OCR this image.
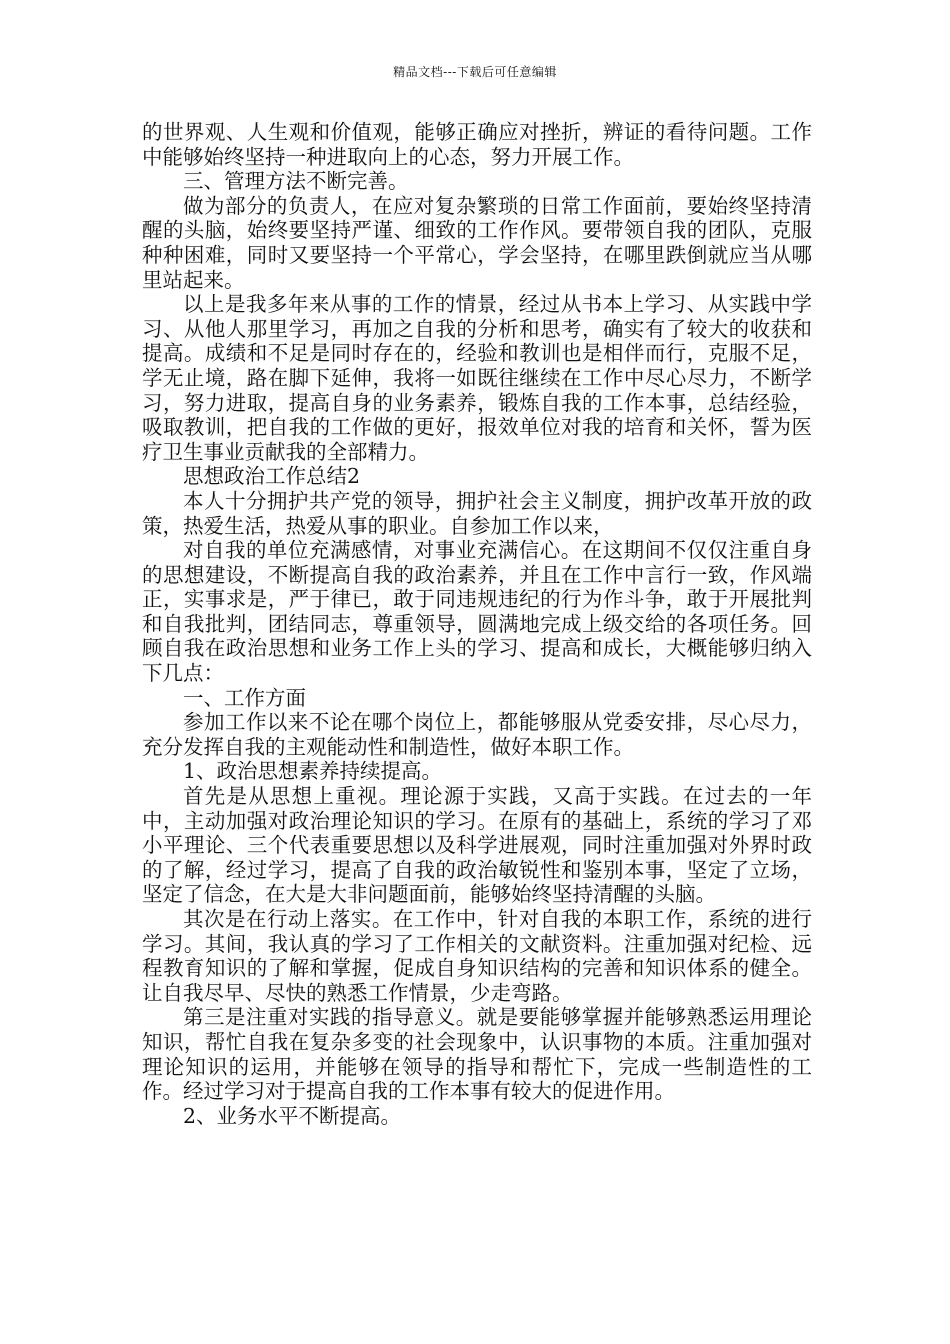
精品文档---下载后可任意编辑

的世界观、人生观和价值观，能够正确应对挫折，辨证的看待问题。工作中能够始终坚持一种进取向上的心态，努力开展工作。

三、管理方法不断完善。

做为部分的负责人，在应对复杂繁琐的日常工作面前，要始终坚持清醒的头脑，始终要坚持严谨、细致的工作作风。要带领自我的团队，克服种种困难，同时又要坚持一个平常心，学会坚持，在哪里跌倒就应当从哪里站起来。

以上是我多年来从事的工作的情景，经过从书本上学习、从实践中学习、从他人那里学习，再加之自我的分析和思考，确实有了较大的收获和提高。成绩和不足是同时存在的，经验和教训也是相伴而行，克服不足，学无止境，路在脚下延伸，我将一如既往继续在工作中尽心尽力，不断学习，努力进取，提高自身的业务素养，锻炼自我的工作本事，总结经验，吸取教训，把自我的工作做的更好，报效单位对我的培育和关怀，誓为医疗卫生事业贡献我的全部精力。

思想政治工作总结2

本人十分拥护共产党的领导，拥护社会主义制度，拥护改革开放的政策，热爱生活，热爱从事的职业。自参加工作以来，

对自我的单位充满感情，对事业充满信心。在这期间不仅仅注重自身的思想建设，不断提高自我的政治素养，并且在工作中言行一致，作风端正，实事求是，严于律已，敢于同违规违纪的行为作斗争，敢于开展批判和自我批判，团结同志，尊重领导，圆满地完成上级交给的各项任务。回顾自我在政治思想和业务工作上头的学习、提高和成长，大概能够归纳入下几点：

一、工作方面

参加工作以来不论在哪个岗位上，都能够服从党委安排，尽心尽力，充分发挥自我的主观能动性和制造性，做好本职工作。

1、政治思想素养持续提高。

首先是从思想上重视。理论源于实践，又高于实践。在过去的一年中，主动加强对政治理论知识的学习。在原有的基础上，系统的学习了邓小平理论、三个代表重要思想以及科学进展观，同时注重加强对外界时政的了解，经过学习，提高了自我的政治敏锐性和鉴别本事，坚定了立场，坚定了信念，在大是大非问题面前，能够始终坚持清醒的头脑。

其次是在行动上落实。在工作中，针对自我的本职工作，系统的进行学习。其间，我认真的学习了工作相关的文献资料。注重加强对纪检、远程教育知识的了解和掌握，促成自身知识结构的完善和知识体系的健全。让自我尽早、尽快的熟悉工作情景，少走弯路。

第三是注重对实践的指导意义。就是要能够掌握并能够熟悉运用理论知识，帮忙自我在复杂多变的社会现象中，认识事物的本质。注重加强对理论知识的运用，并能够在领导的指导和帮忙下，完成一些制造性的工作。经过学习对于提高自我的工作本事有较大的促进作用。

2、业务水平不断提高。
